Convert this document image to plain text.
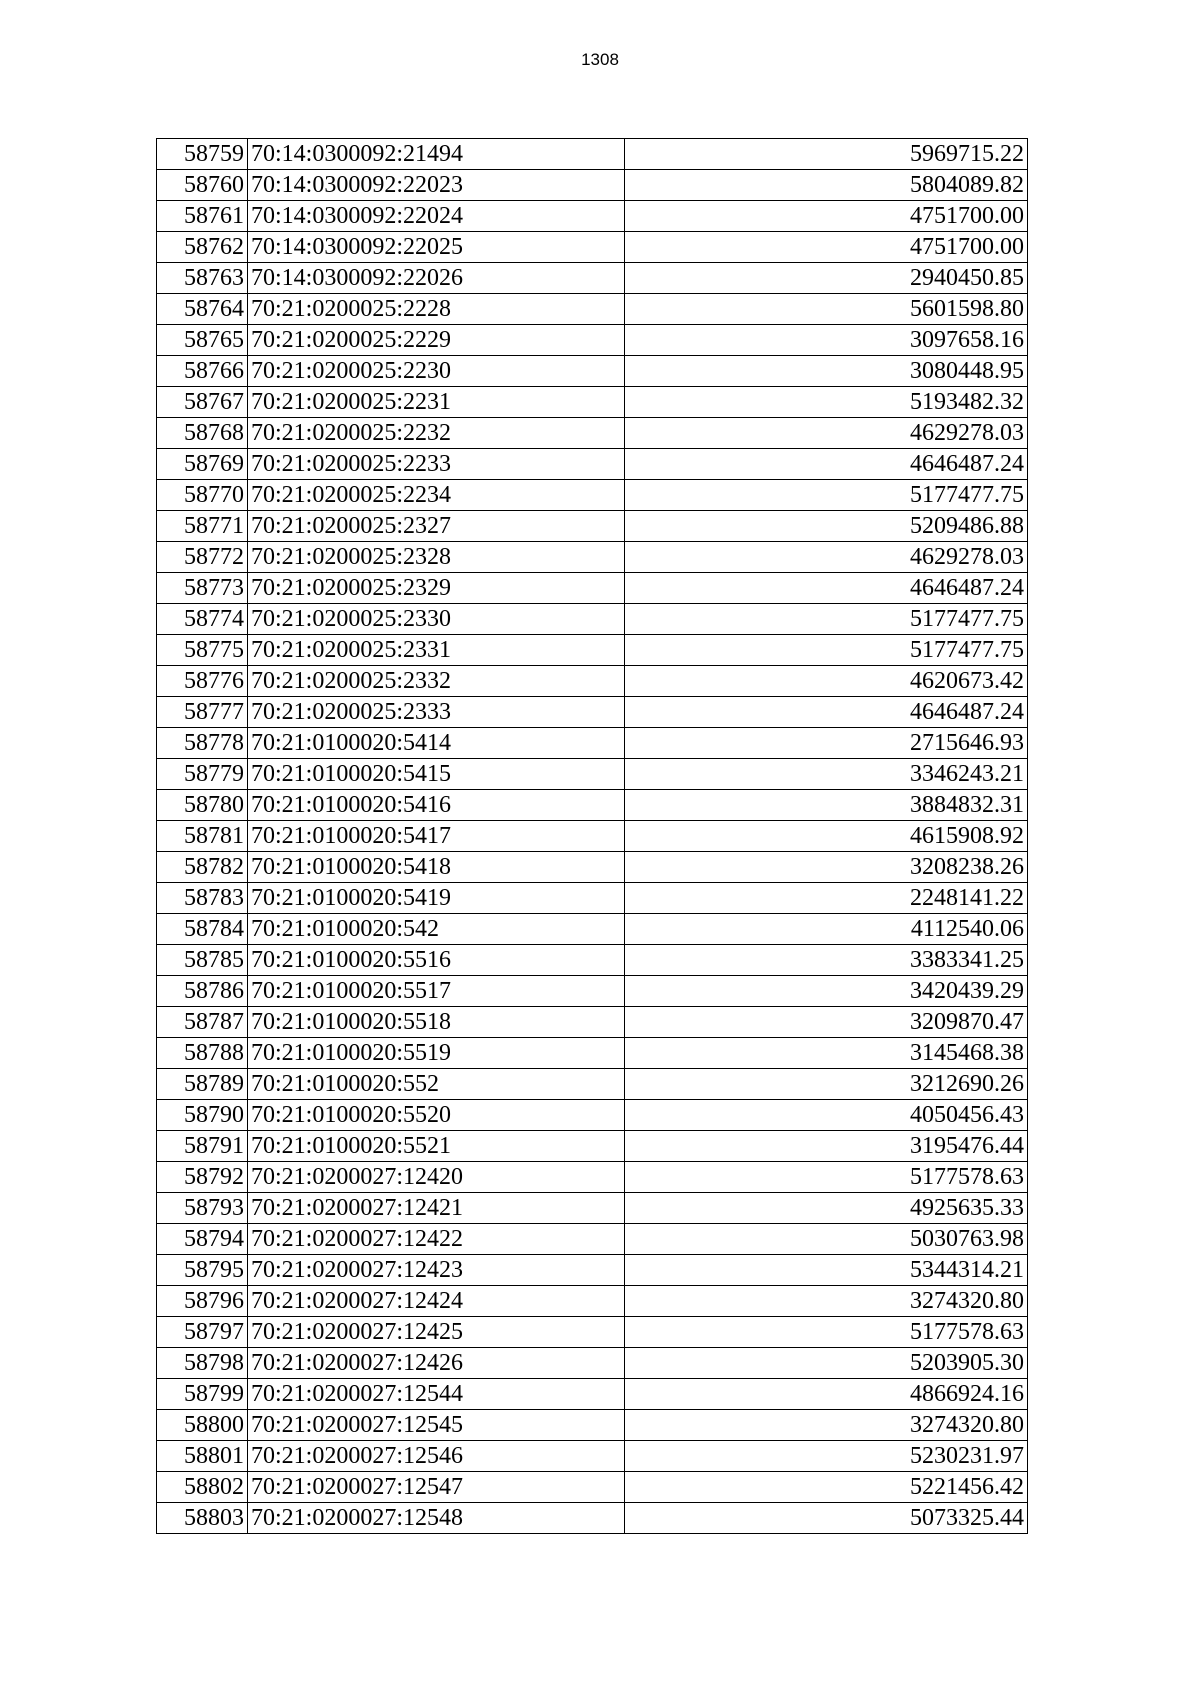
1308
58759	70:14:0300092:21494	5969715.22
58760	70:14:0300092:22023	5804089.82
58761	70:14:0300092:22024	4751700.00
58762	70:14:0300092:22025	4751700.00
58763	70:14:0300092:22026	2940450.85
58764	70:21:0200025:2228	5601598.80
58765	70:21:0200025:2229	3097658.16
58766	70:21:0200025:2230	3080448.95
58767	70:21:0200025:2231	5193482.32
58768	70:21:0200025:2232	4629278.03
58769	70:21:0200025:2233	4646487.24
58770	70:21:0200025:2234	5177477.75
58771	70:21:0200025:2327	5209486.88
58772	70:21:0200025:2328	4629278.03
58773	70:21:0200025:2329	4646487.24
58774	70:21:0200025:2330	5177477.75
58775	70:21:0200025:2331	5177477.75
58776	70:21:0200025:2332	4620673.42
58777	70:21:0200025:2333	4646487.24
58778	70:21:0100020:5414	2715646.93
58779	70:21:0100020:5415	3346243.21
58780	70:21:0100020:5416	3884832.31
58781	70:21:0100020:5417	4615908.92
58782	70:21:0100020:5418	3208238.26
58783	70:21:0100020:5419	2248141.22
58784	70:21:0100020:542	4112540.06
58785	70:21:0100020:5516	3383341.25
58786	70:21:0100020:5517	3420439.29
58787	70:21:0100020:5518	3209870.47
58788	70:21:0100020:5519	3145468.38
58789	70:21:0100020:552	3212690.26
58790	70:21:0100020:5520	4050456.43
58791	70:21:0100020:5521	3195476.44
58792	70:21:0200027:12420	5177578.63
58793	70:21:0200027:12421	4925635.33
58794	70:21:0200027:12422	5030763.98
58795	70:21:0200027:12423	5344314.21
58796	70:21:0200027:12424	3274320.80
58797	70:21:0200027:12425	5177578.63
58798	70:21:0200027:12426	5203905.30
58799	70:21:0200027:12544	4866924.16
58800	70:21:0200027:12545	3274320.80
58801	70:21:0200027:12546	5230231.97
58802	70:21:0200027:12547	5221456.42
58803	70:21:0200027:12548	5073325.44
